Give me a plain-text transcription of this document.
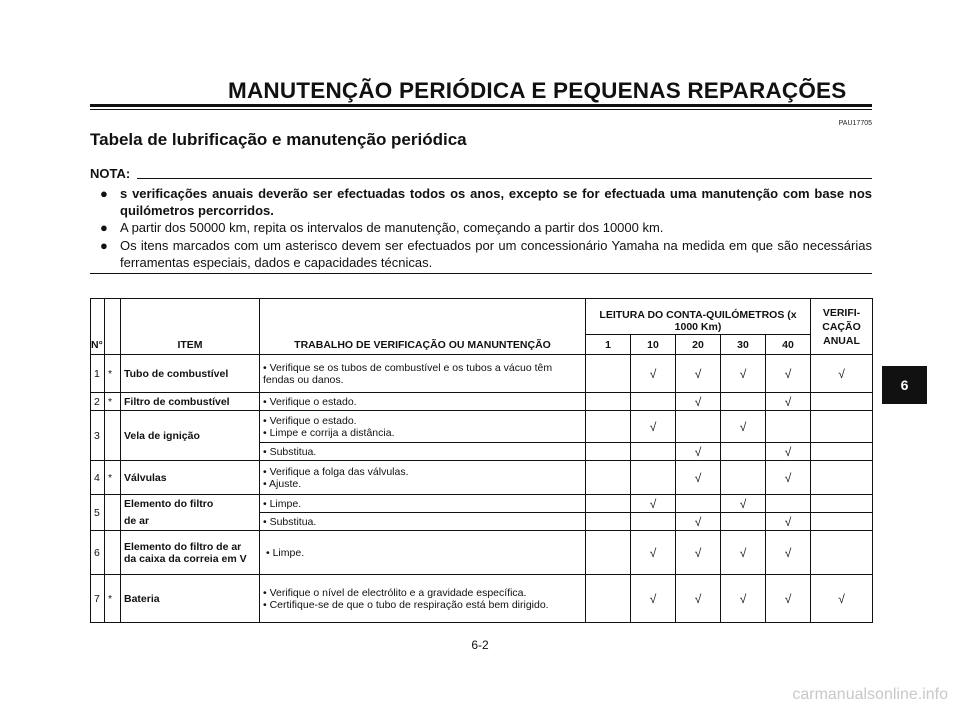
MANUTENÇÃO PERIÓDICA E PEQUENAS REPARAÇÕES
PAU17705
Tabela de lubrificação e manutenção periódica
NOTA:
● s verificações anuais deverão ser efectuadas todos os anos, excepto se for efectuada uma manutenção com base nos quilómetros percorridos.
● A partir dos 50000 km, repita os intervalos de manutenção, começando a partir dos 10000 km.
● Os itens marcados com um asterisco devem ser efectuados por um concessionário Yamaha na medida em que são necessárias ferramentas especiais, dados e capacidades técnicas.
N°		ITEM	TRABALHO DE VERIFICAÇÃO OU MANUNTENÇÃO	LEITURA DO CONTA-QUILÓMETROS (x 1000 Km)					VERIFI- CAÇÃO ANUAL
				1	10	20	30	40	
1	*	Tubo de combustível	• Verifique se os tubos de combustível e os tubos a vácuo têm fendas ou danos.		√	√	√	√	√
2	*	Filtro de combustível	• Verifique o estado.			√		√	
3		Vela de ignição	• Verifique o estado.
• Limpe e corrija a distância.		√		√		
			• Substitua.			√		√	
4	*	Válvulas	• Verifique a folga das válvulas.
• Ajuste.			√		√	
5		Elemento do filtro	• Limpe.		√		√		
		de ar	• Substitua.			√		√	
6		Elemento do filtro de ar da caixa da correia em V	• Limpe.		√	√	√	√	
7	*	Bateria	• Verifique o nível de electrólito e a gravidade específica.
• Certifique-se de que o tubo de respiração está bem dirigido.		√	√	√	√	√
6-2
6
carmanualsonline.info
